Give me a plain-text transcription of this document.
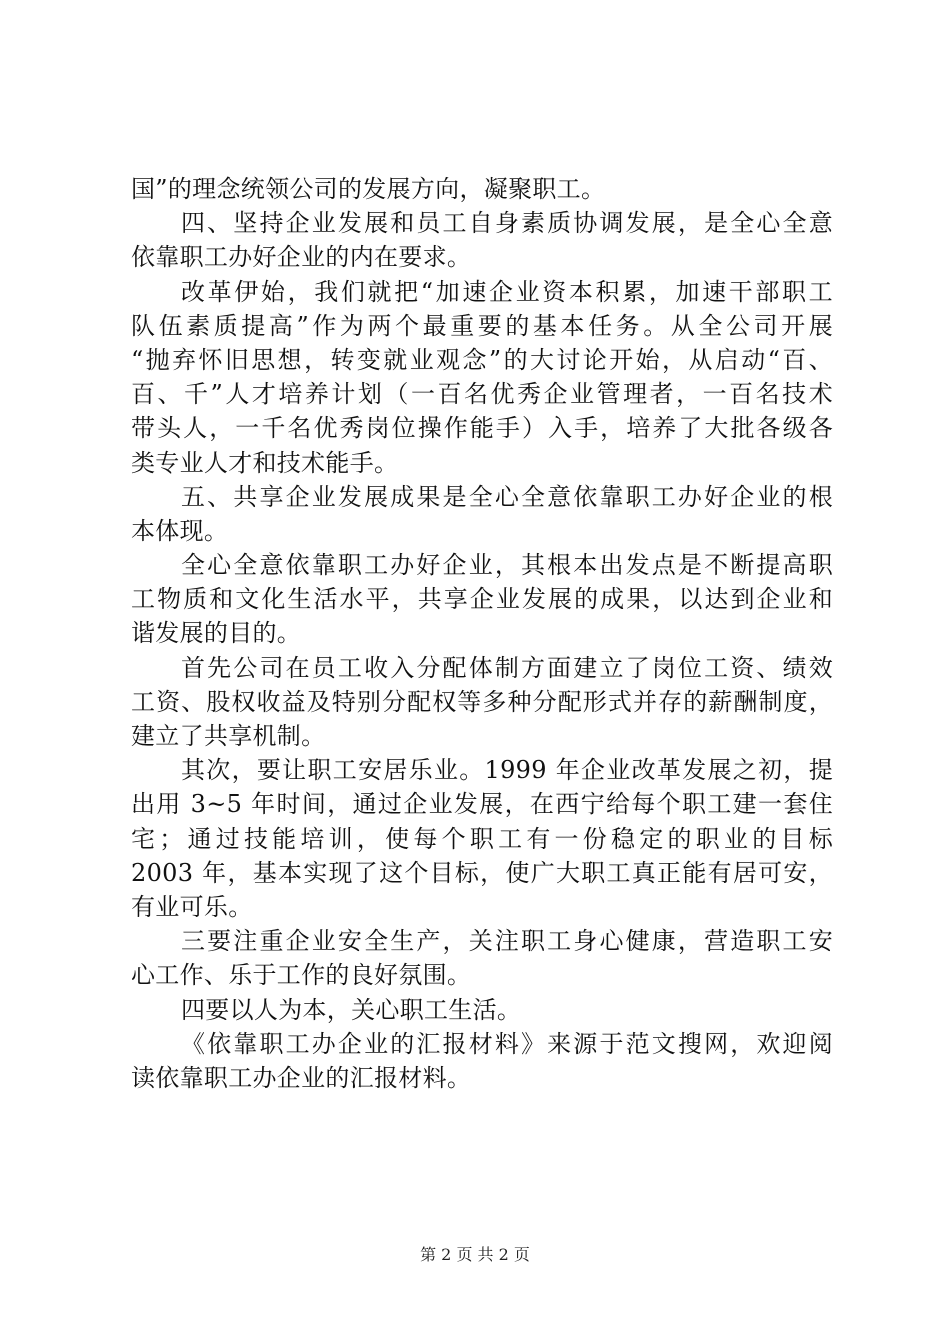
国”的理念统领公司的发展方向，凝聚职工。
四、坚持企业发展和员工自身素质协调发展，是全心全意
依靠职工办好企业的内在要求。
改革伊始，我们就把“加速企业资本积累，加速干部职工
队伍素质提高”作为两个最重要的基本任务。从全公司开展
“抛弃怀旧思想，转变就业观念”的大讨论开始，从启动“百、
百、千”人才培养计划（一百名优秀企业管理者，一百名技术
带头人，一千名优秀岗位操作能手）入手，培养了大批各级各
类专业人才和技术能手。
五、共享企业发展成果是全心全意依靠职工办好企业的根
本体现。
全心全意依靠职工办好企业，其根本出发点是不断提高职
工物质和文化生活水平，共享企业发展的成果，以达到企业和
谐发展的目的。
首先公司在员工收入分配体制方面建立了岗位工资、绩效
工资、股权收益及特别分配权等多种分配形式并存的薪酬制度，
建立了共享机制。
其次，要让职工安居乐业。1999 年企业改革发展之初，提
出用 3~5 年时间，通过企业发展，在西宁给每个职工建一套住
宅；通过技能培训，使每个职工有一份稳定的职业的目标
2003 年，基本实现了这个目标，使广大职工真正能有居可安，
有业可乐。
三要注重企业安全生产，关注职工身心健康，营造职工安
心工作、乐于工作的良好氛围。
四要以人为本，关心职工生活。
《依靠职工办企业的汇报材料》来源于范文搜网，欢迎阅
读依靠职工办企业的汇报材料。
第 2 页 共 2 页
